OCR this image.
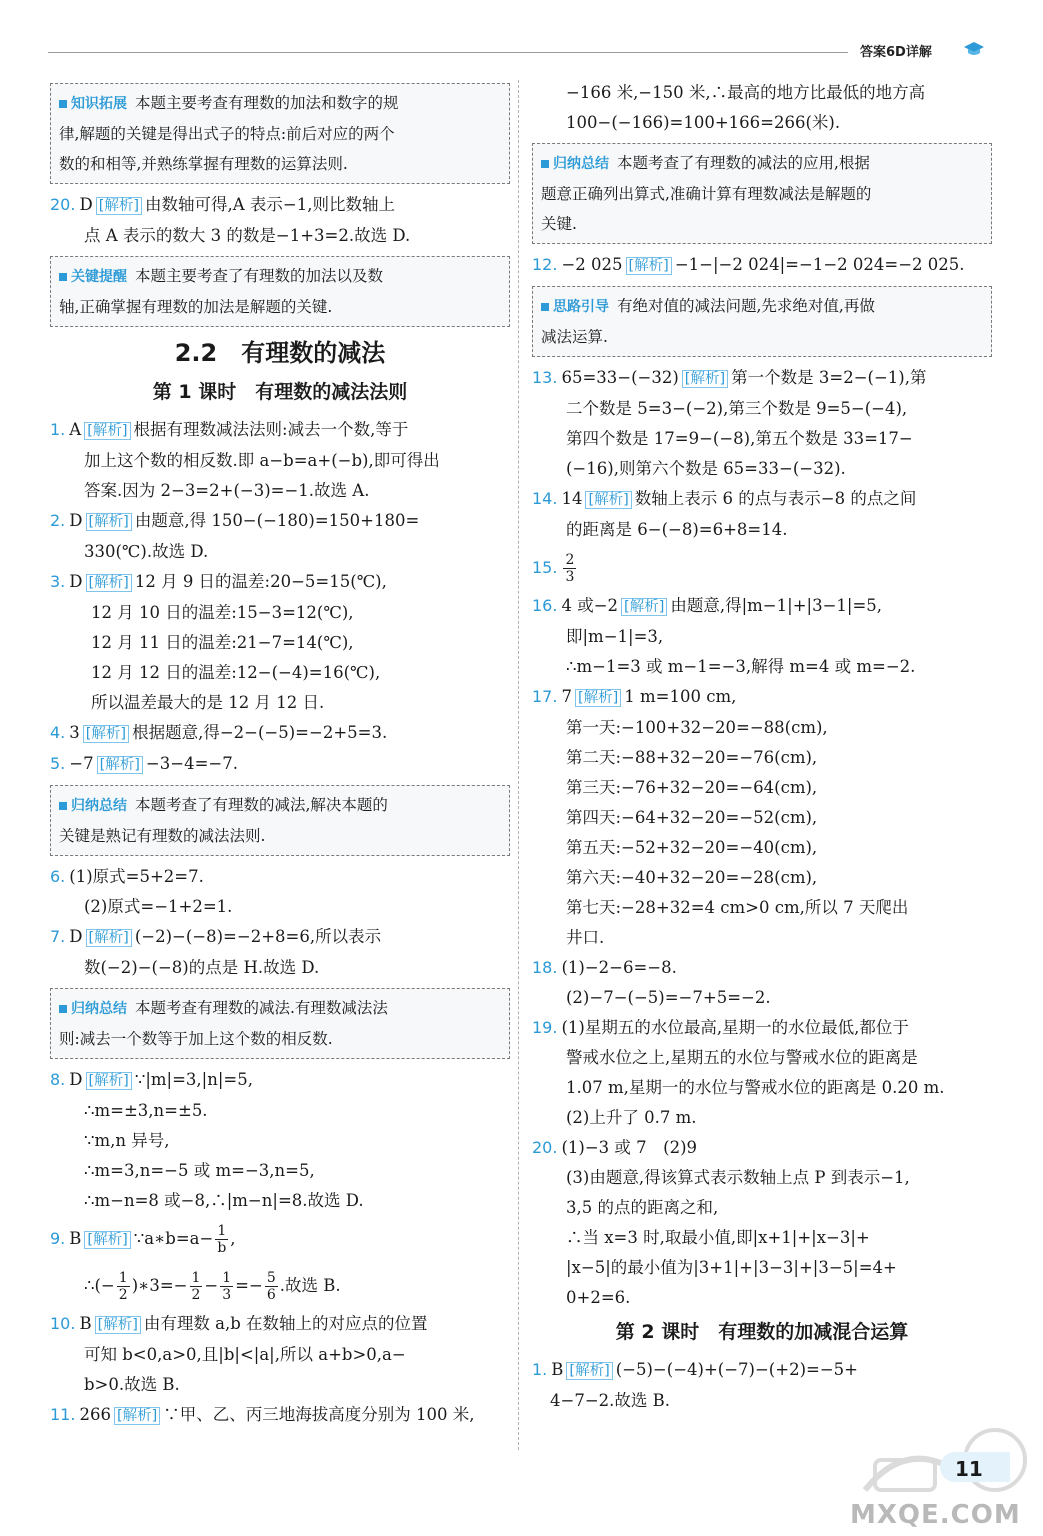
答案6D详解
知识拓展 本题主要考查有理数的加法和数字的规
律,解题的关键是得出式子的特点:前后对应的两个
数的和相等,并熟练掌握有理数的运算法则.
20. D [解析] 由数轴可得,A 表示−1,则比数轴上
点 A 表示的数大 3 的数是−1+3=2.故选 D.
关键提醒 本题主要考查了有理数的加法以及数
轴,正确掌握有理数的加法是解题的关键.
2.2　有理数的减法
第 1 课时　有理数的减法法则
1. A [解析] 根据有理数减法法则:减去一个数,等于
加上这个数的相反数.即 a−b=a+(−b),即可得出
答案.因为 2−3=2+(−3)=−1.故选 A.
2. D [解析] 由题意,得 150−(−180)=150+180=
330(℃).故选 D.
3. D [解析] 12 月 9 日的温差:20−5=15(℃),
12 月 10 日的温差:15−3=12(℃),
12 月 11 日的温差:21−7=14(℃),
12 月 12 日的温差:12−(−4)=16(℃),
所以温差最大的是 12 月 12 日.
4. 3 [解析] 根据题意,得−2−(−5)=−2+5=3.
5. −7 [解析] −3−4=−7.
归纳总结 本题考查了有理数的减法,解决本题的
关键是熟记有理数的减法法则.
6. (1)原式=5+2=7.
(2)原式=−1+2=1.
7. D [解析] (−2)−(−8)=−2+8=6,所以表示
数(−2)−(−8)的点是 H.故选 D.
归纳总结 本题考查有理数的减法.有理数减法法
则:减去一个数等于加上这个数的相反数.
8. D [解析] ∵|m|=3,|n|=5,
∴m=±3,n=±5.
∵m,n 异号,
∴m=3,n=−5 或 m=−3,n=5,
∴m−n=8 或−8,∴|m−n|=8.故选 D.
9. B [解析] ∵a∗b=a− $\frac{1}{b}$ ,
∴(− $\frac{1}{2}$ )∗3=− $\frac{1}{2} - \frac{1}{3} =- \frac{5}{6}$ .故选 B.
10. B [解析] 由有理数 a,b 在数轴上的对应点的位置
可知 b<0,a>0,且|b|<|a|,所以 a+b>0,a−
b>0.故选 B.
11. 266 [解析] ∵甲、乙、丙三地海拔高度分别为 100 米,
−166 米,−150 米,∴最高的地方比最低的地方高
100−(−166)=100+166=266(米).
归纳总结 本题考查了有理数的减法的应用,根据
题意正确列出算式,准确计算有理数减法是解题的
关键.
12. −2 025 [解析] −1−|−2 024|=−1−2 024=−2 025.
思路引导 有绝对值的减法问题,先求绝对值,再做
减法运算.
13. 65=33−(−32) [解析] 第一个数是 3=2−(−1),第
二个数是 5=3−(−2),第三个数是 9=5−(−4),
第四个数是 17=9−(−8),第五个数是 33=17−
(−16),则第六个数是 65=33−(−32).
14. 14 [解析] 数轴上表示 6 的点与表示−8 的点之间
的距离是 6−(−8)=6+8=14.
15. $\frac{2}{3}$
16. 4 或−2 [解析] 由题意,得|m−1|+|3−1|=5,
即|m−1|=3,
∴m−1=3 或 m−1=−3,解得 m=4 或 m=−2.
17. 7 [解析] 1 m=100 cm,
第一天:−100+32−20=−88(cm),
第二天:−88+32−20=−76(cm),
第三天:−76+32−20=−64(cm),
第四天:−64+32−20=−52(cm),
第五天:−52+32−20=−40(cm),
第六天:−40+32−20=−28(cm),
第七天:−28+32=4 cm>0 cm,所以 7 天爬出
井口.
18. (1)−2−6=−8.
(2)−7−(−5)=−7+5=−2.
19. (1)星期五的水位最高,星期一的水位最低,都位于
警戒水位之上,星期五的水位与警戒水位的距离是
1.07 m,星期一的水位与警戒水位的距离是 0.20 m.
(2)上升了 0.7 m.
20. (1)−3 或 7　(2)9
(3)由题意,得该算式表示数轴上点 P 到表示−1,
3,5 的点的距离之和,
∴当 x=3 时,取最小值,即|x+1|+|x−3|+
|x−5|的最小值为|3+1|+|3−3|+|3−5|=4+
0+2=6.
第 2 课时　有理数的加减混合运算
1. B [解析] (−5)−(−4)+(−7)−(+2)=−5+
4−7−2.故选 B.
11
MXQE.COM
